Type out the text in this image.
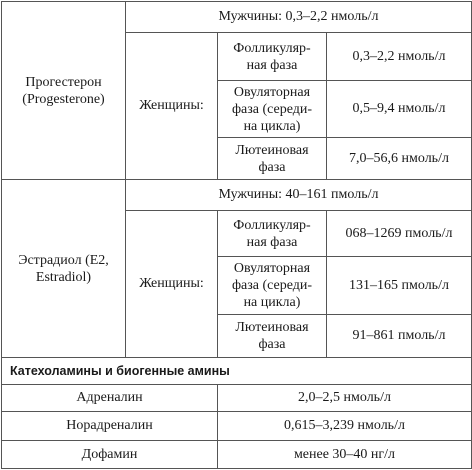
Прогестерон
(Progesterone)	Мужчины: 0,3–2,2 нмоль/л		
	Женщины:	Фолликуляр-
ная фаза	0,3–2,2 нмоль/л

		Овуляторная
фаза (середи-
на цикла)	0,5–9,4 нмоль/л

		Лютеиновая
фаза	7,0–56,6 нмоль/л

Эстрадиол (E2,
Estradiol)	Мужчины: 40–161 пмоль/л		
	Женщины:	Фолликуляр-
ная фаза	068–1269 пмоль/л

		Овуляторная
фаза (середи-
на цикла)	131–165 пмоль/л

		Лютеиновая
фаза	91–861 пмоль/л
Катехоламины и биогенные амины			
Адреналин		2,0–2,5 нмоль/л	
Норадреналин		0,615–3,239 нмоль/л	
Дофамин		менее 30–40 нг/л	
